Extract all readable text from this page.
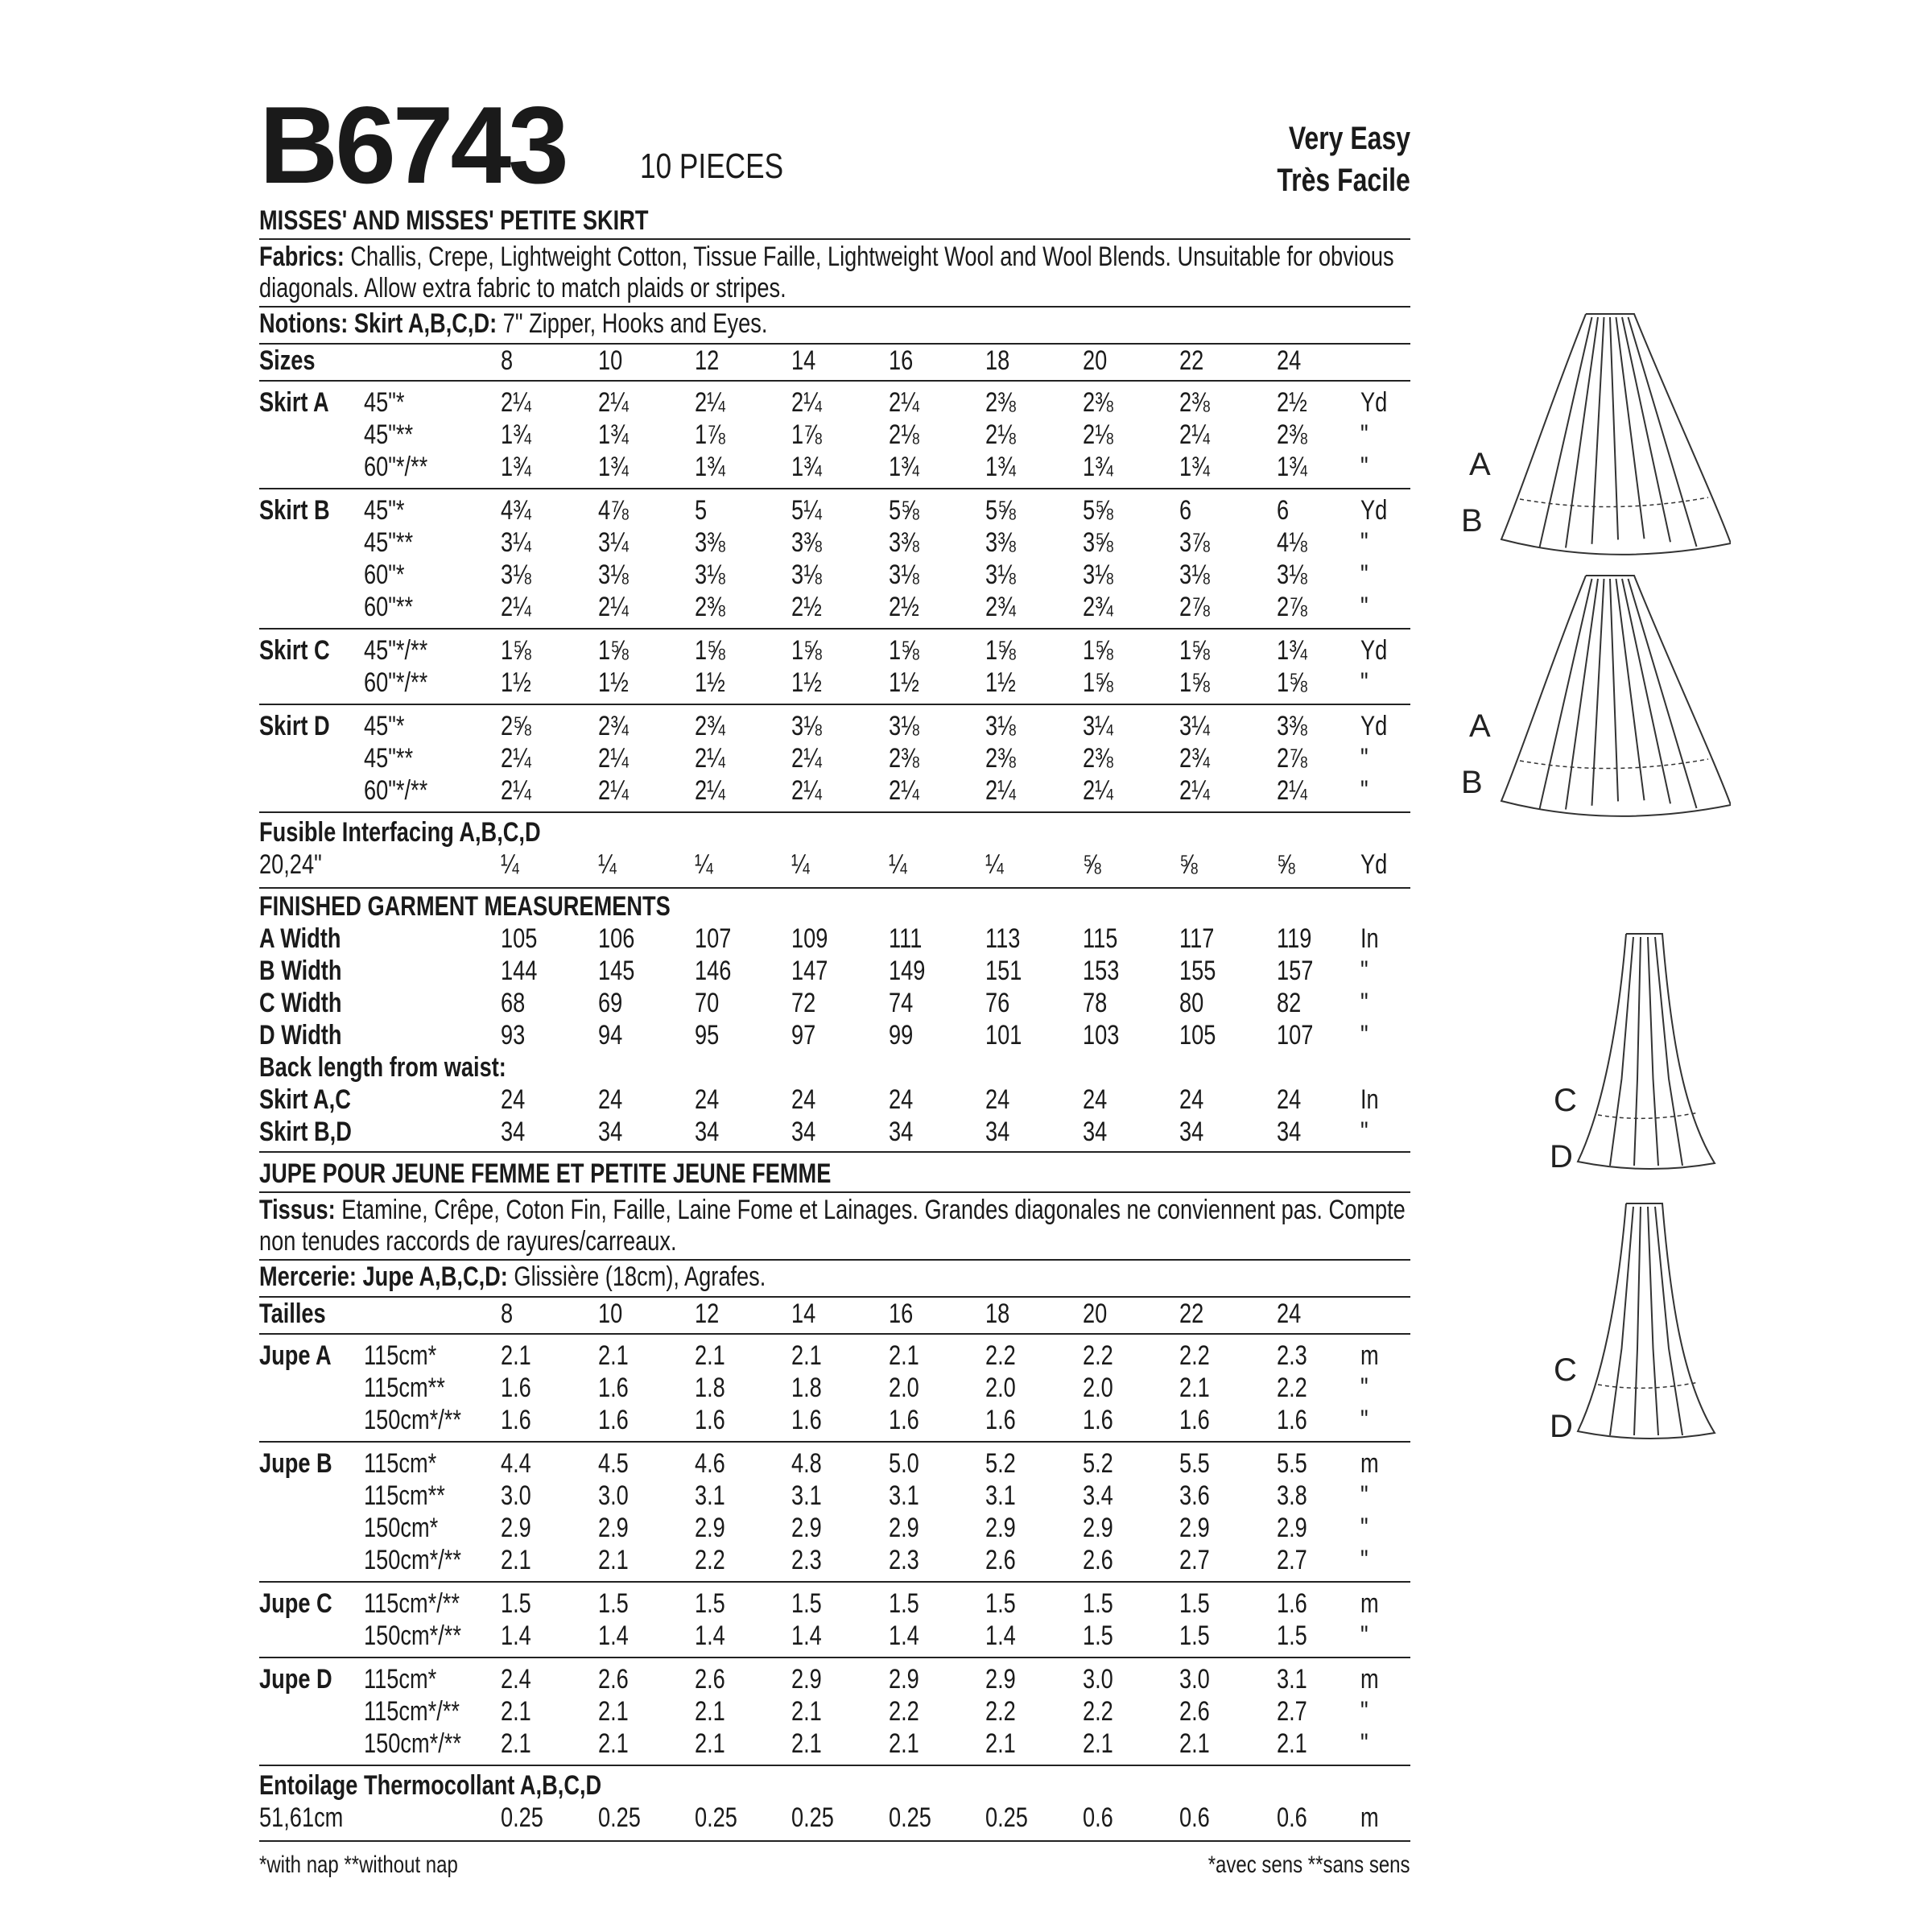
B6743 10 PIECES
Very Easy
Très Facile
MISSES' AND MISSES' PETITE SKIRT
Fabrics: Challis, Crepe, Lightweight Cotton, Tissue Faille, Lightweight Wool and Wool Blends. Unsuitable for obvious diagonals. Allow extra fabric to match plaids or stripes.
Notions: Skirt A,B,C,D: 7" Zipper, Hooks and Eyes.
Sizes	8	10	12	14	16	18	20	22	24
Skirt A	45"*	2¼ 2¼ 2¼ 2¼ 2¼ 2⅜ 2⅜ 2⅜ 2½ Yd
45"**	1¾ 1¾ 1⅞ 1⅞ 2⅛ 2⅛ 2⅛ 2¼ 2⅜ "
60"*/**	1¾ 1¾ 1¾ 1¾ 1¾ 1¾ 1¾ 1¾ 1¾ "
Skirt B	45"*	4¾ 4⅞ 5	5¼ 5⅝ 5⅝ 5⅝ 6	6	Yd
45"**	3¼ 3¼ 3⅜ 3⅜ 3⅜ 3⅜ 3⅝ 3⅞ 4⅛ "
60"*	3⅛ 3⅛ 3⅛ 3⅛ 3⅛ 3⅛ 3⅛ 3⅛ 3⅛ "
60"**	2¼ 2¼ 2⅜ 2½ 2½ 2¾ 2¾ 2⅞ 2⅞ "
Skirt C	45"*/**	1⅝ 1⅝ 1⅝ 1⅝ 1⅝ 1⅝ 1⅝ 1⅝ 1¾ Yd
60"*/**	1½ 1½ 1½ 1½ 1½ 1½ 1⅝ 1⅝ 1⅝ "
Skirt D	45"*	2⅝ 2¾ 2¾ 3⅛ 3⅛ 3⅛ 3¼ 3¼ 3⅜ Yd
45"**	2¼ 2¼ 2¼ 2¼ 2⅜ 2⅜ 2⅜ 2¾ 2⅞ "
60"*/**	2¼ 2¼ 2¼ 2¼ 2¼ 2¼ 2¼ 2¼ 2¼ "
Fusible Interfacing A,B,C,D
20,24"	¼	¼	¼	¼	¼	¼	⅝	⅝	⅝ Yd
FINISHED GARMENT MEASUREMENTS
A Width	105	106	107	109	111	113	115	117	119	In
B Width	144	145	146	147	149	151	153	155	157	"
C Width	68	69	70	72	74	76	78	80	82 "
D Width	93	94	95	97	99	101	103	105	107	"
Back length from waist:
Skirt A,C	24	24	24	24	24	24	24	24	24 In
Skirt B,D	34	34	34	34	34	34	34	34	34 "
JUPE POUR JEUNE FEMME ET PETITE JEUNE FEMME
Tissus: Etamine, Crêpe, Coton Fin, Faille, Laine Fome et Lainages. Grandes diagonales ne conviennent pas. Compte non tenudes raccords de rayures/carreaux.
Mercerie: Jupe A,B,C,D: Glissière (18cm), Agrafes.
Tailles	8	10	12	14	16	18	20	22	24
Jupe A	115cm*	2.1 2.1 2.1 2.1 2.1 2.2 2.2 2.2 2.3 m
115cm**	1.6 1.6 1.8 1.8 2.0 2.0 2.0 2.1 2.2 "
150cm*/**	1.6 1.6 1.6 1.6 1.6 1.6 1.6 1.6 1.6 "
Jupe B	115cm*	4.4 4.5 4.6 4.8 5.0 5.2 5.2 5.5 5.5 m
115cm**	3.0 3.0 3.1 3.1 3.1 3.1 3.4 3.6 3.8 "
150cm*	2.9 2.9 2.9 2.9 2.9 2.9 2.9 2.9 2.9 "
150cm*/**	2.1 2.1 2.2 2.3 2.3 2.6 2.6 2.7 2.7 "
Jupe C	115cm*/**	1.5 1.5 1.5 1.5 1.5 1.5 1.5 1.5 1.6 m
150cm*/**	1.4 1.4 1.4 1.4 1.4 1.4 1.5 1.5 1.5 "
Jupe D	115cm*	2.4 2.6 2.6 2.9 2.9 2.9 3.0 3.0 3.1 m
115cm*/**	2.1 2.1 2.1 2.1 2.2 2.2 2.2 2.6 2.7 "
150cm*/**	2.1 2.1 2.1 2.1 2.1 2.1 2.1 2.1 2.1 "
Entoilage Thermocollant A,B,C,D
51,61cm	0.25	0.25	0.25	0.25	0.25	0.25	0.6 0.6 0.6 m
*with nap **without nap	*avec sens **sans sens
A
B
A
B
C
D
C
D
